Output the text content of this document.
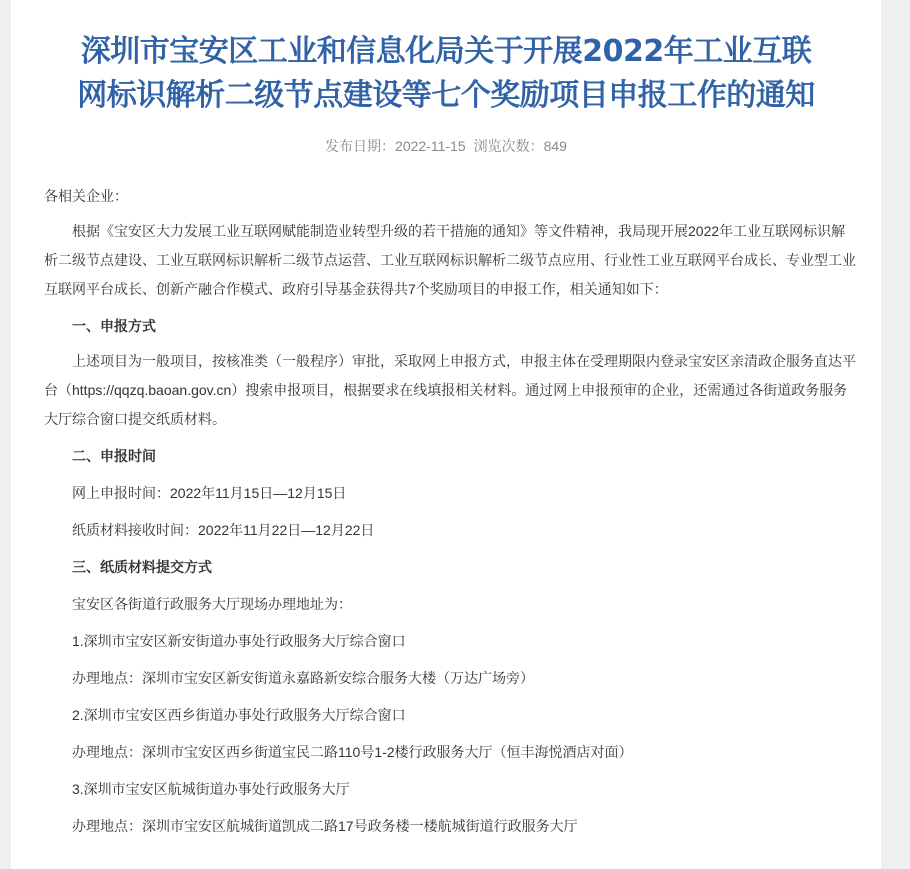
深圳市宝安区工业和信息化局关于开展2022年工业互联
网标识解析二级节点建设等七个奖励项目申报工作的通知
发布日期：2022-11-15 浏览次数：849

各相关企业：

根据《宝安区大力发展工业互联网赋能制造业转型升级的若干措施的通知》等文件精神，我局现开展2022年工业互联网标识解析二级节点建设、工业互联网标识解析二级节点运营、工业互联网标识解析二级节点应用、行业性工业互联网平台成长、专业型工业互联网平台成长、创新产融合作模式、政府引导基金获得共7个奖励项目的申报工作，相关通知如下：

一、申报方式

上述项目为一般项目，按核准类（一般程序）审批，采取网上申报方式，申报主体在受理期限内登录宝安区亲清政企服务直达平台（https://qqzq.baoan.gov.cn）搜索申报项目，根据要求在线填报相关材料。通过网上申报预审的企业，还需通过各街道政务服务大厅综合窗口提交纸质材料。

二、申报时间

网上申报时间：2022年11月15日—12月15日

纸质材料接收时间：2022年11月22日—12月22日

三、纸质材料提交方式

宝安区各街道行政服务大厅现场办理地址为：

1.深圳市宝安区新安街道办事处行政服务大厅综合窗口

办理地点：深圳市宝安区新安街道永嘉路新安综合服务大楼（万达广场旁）

2.深圳市宝安区西乡街道办事处行政服务大厅综合窗口

办理地点：深圳市宝安区西乡街道宝民二路110号1-2楼行政服务大厅（恒丰海悦酒店对面）

3.深圳市宝安区航城街道办事处行政服务大厅

办理地点：深圳市宝安区航城街道凯成二路17号政务楼一楼航城街道行政服务大厅
